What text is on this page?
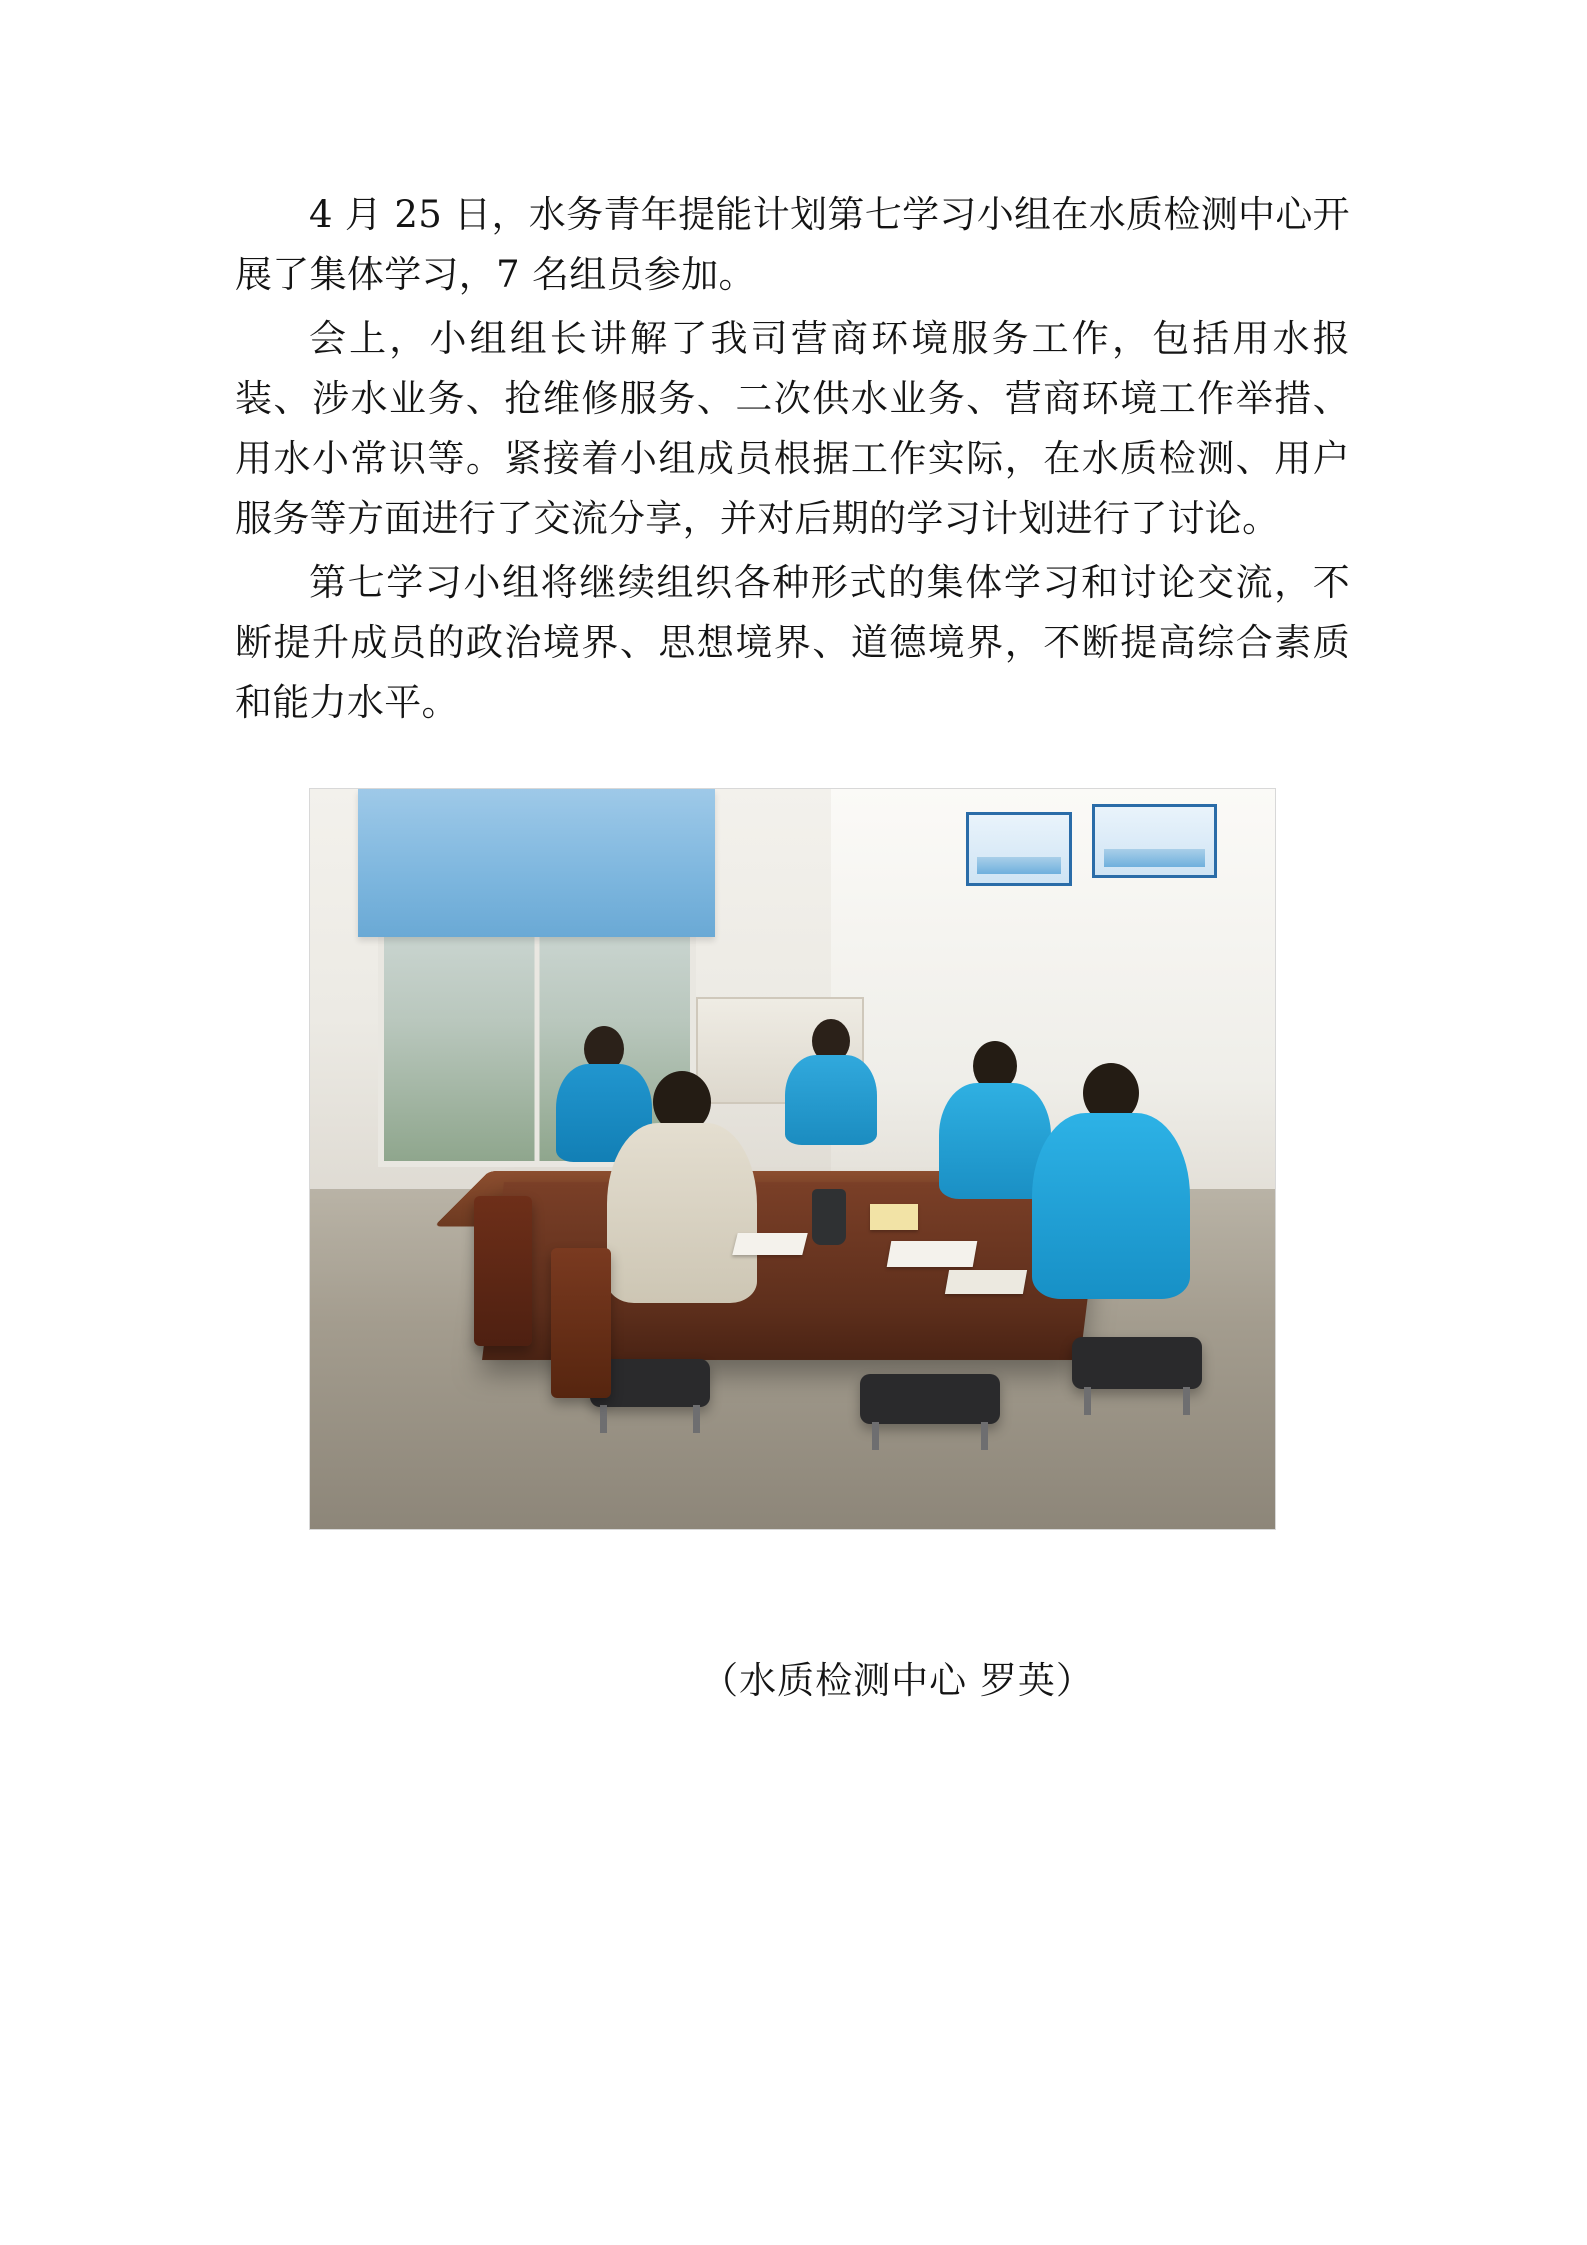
4 月 25 日，水务青年提能计划第七学习小组在水质检测中心开展了集体学习，7 名组员参加。

会上，小组组长讲解了我司营商环境服务工作，包括用水报装、涉水业务、抢维修服务、二次供水业务、营商环境工作举措、用水小常识等。紧接着小组成员根据工作实际，在水质检测、用户服务等方面进行了交流分享，并对后期的学习计划进行了讨论。

第七学习小组将继续组织各种形式的集体学习和讨论交流，不断提升成员的政治境界、思想境界、道德境界，不断提高综合素质和能力水平。

（水质检测中心 罗英）
